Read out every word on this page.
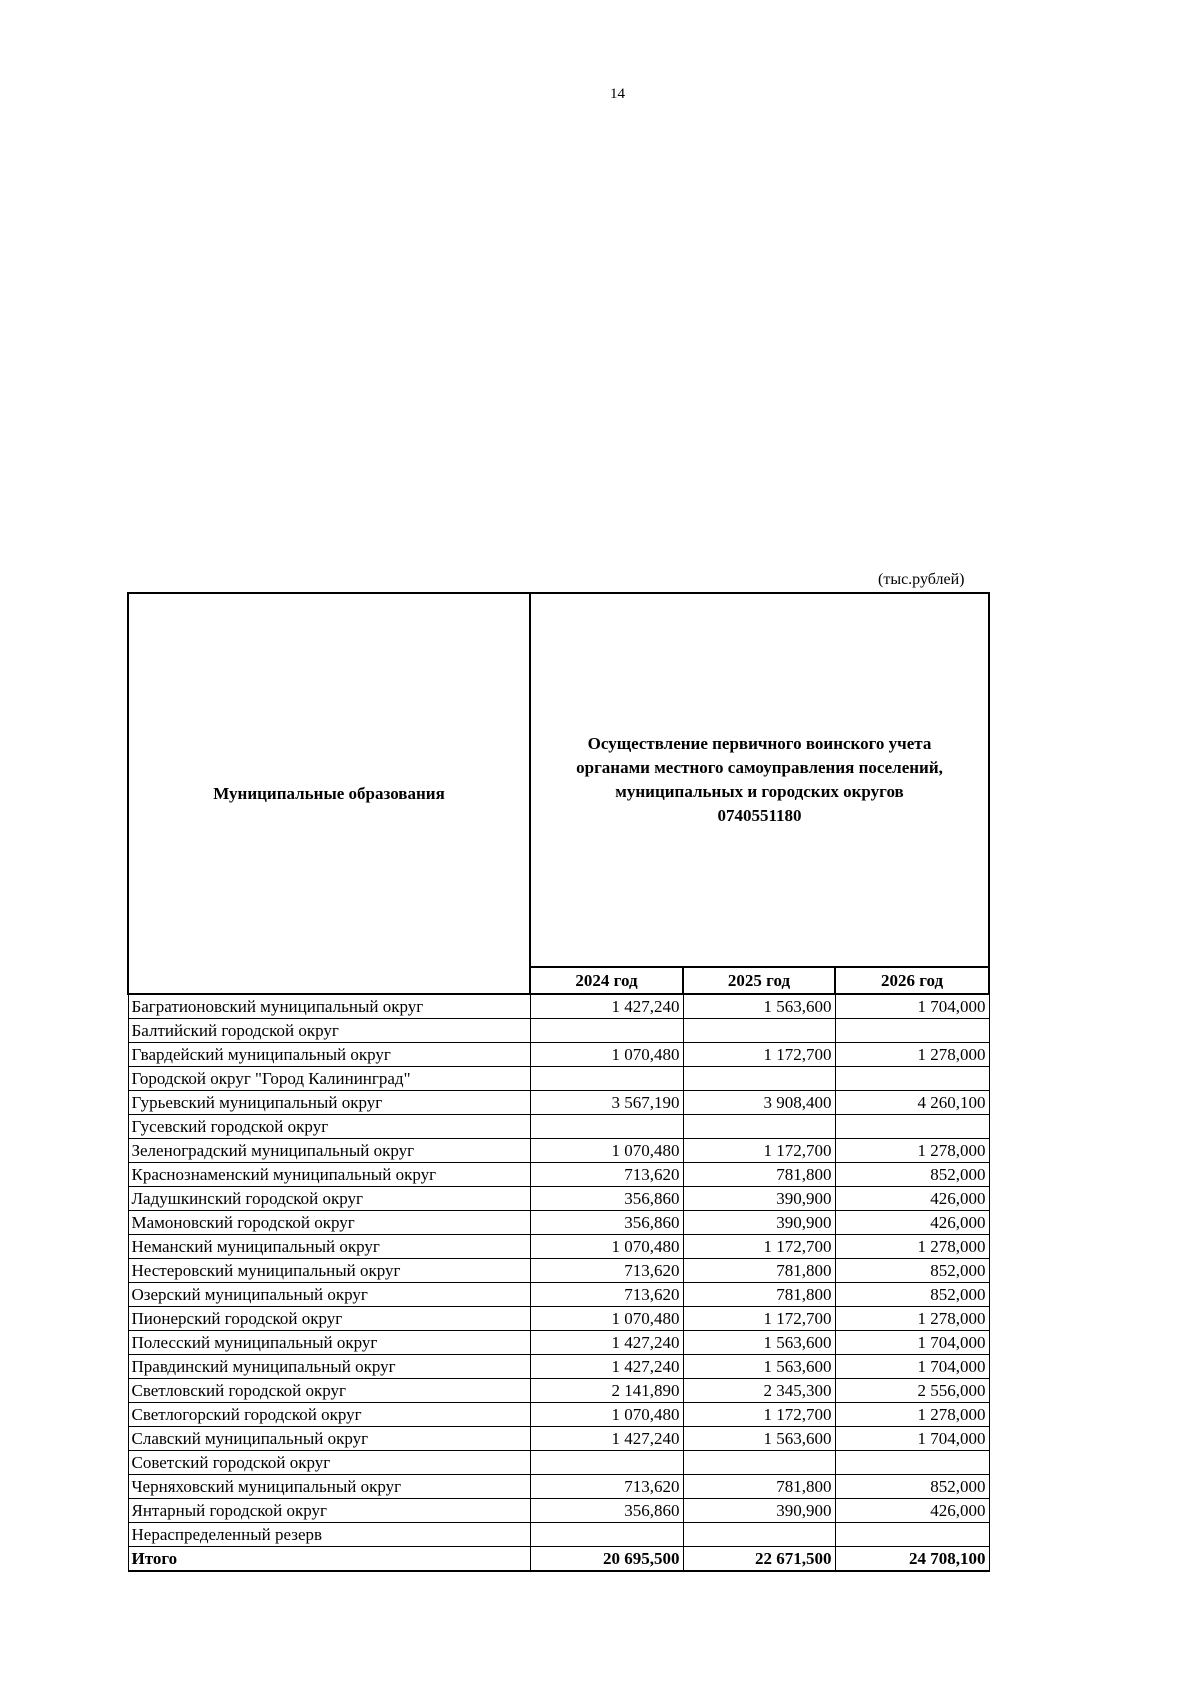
14
(тыс.рублей)
Муниципальные образования	Осуществление первичного воинского учета
органами местного самоуправления поселений,
муниципальных и городских округов
0740551180		

	2024 год	2025 год	2026 год
Багратионовский муниципальный округ	1 427,240	1 563,600	1 704,000
Балтийский городской округ			
Гвардейский муниципальный округ	1 070,480	1 172,700	1 278,000
Городской округ "Город Калининград"			
Гурьевский муниципальный округ	3 567,190	3 908,400	4 260,100
Гусевский городской округ			
Зеленоградский муниципальный округ	1 070,480	1 172,700	1 278,000
Краснознаменский муниципальный округ	713,620	781,800	852,000
Ладушкинский городской округ	356,860	390,900	426,000
Мамоновский городской округ	356,860	390,900	426,000
Неманский муниципальный округ	1 070,480	1 172,700	1 278,000
Нестеровский муниципальный округ	713,620	781,800	852,000
Озерский муниципальный округ	713,620	781,800	852,000
Пионерский городской округ	1 070,480	1 172,700	1 278,000
Полесский муниципальный округ	1 427,240	1 563,600	1 704,000
Правдинский муниципальный округ	1 427,240	1 563,600	1 704,000
Светловский городской округ	2 141,890	2 345,300	2 556,000
Светлогорский городской округ	1 070,480	1 172,700	1 278,000
Славский муниципальный округ	1 427,240	1 563,600	1 704,000
Советский городской округ			
Черняховский муниципальный округ	713,620	781,800	852,000
Янтарный городской округ	356,860	390,900	426,000
Нераспределенный резерв			
Итого	20 695,500	22 671,500	24 708,100
